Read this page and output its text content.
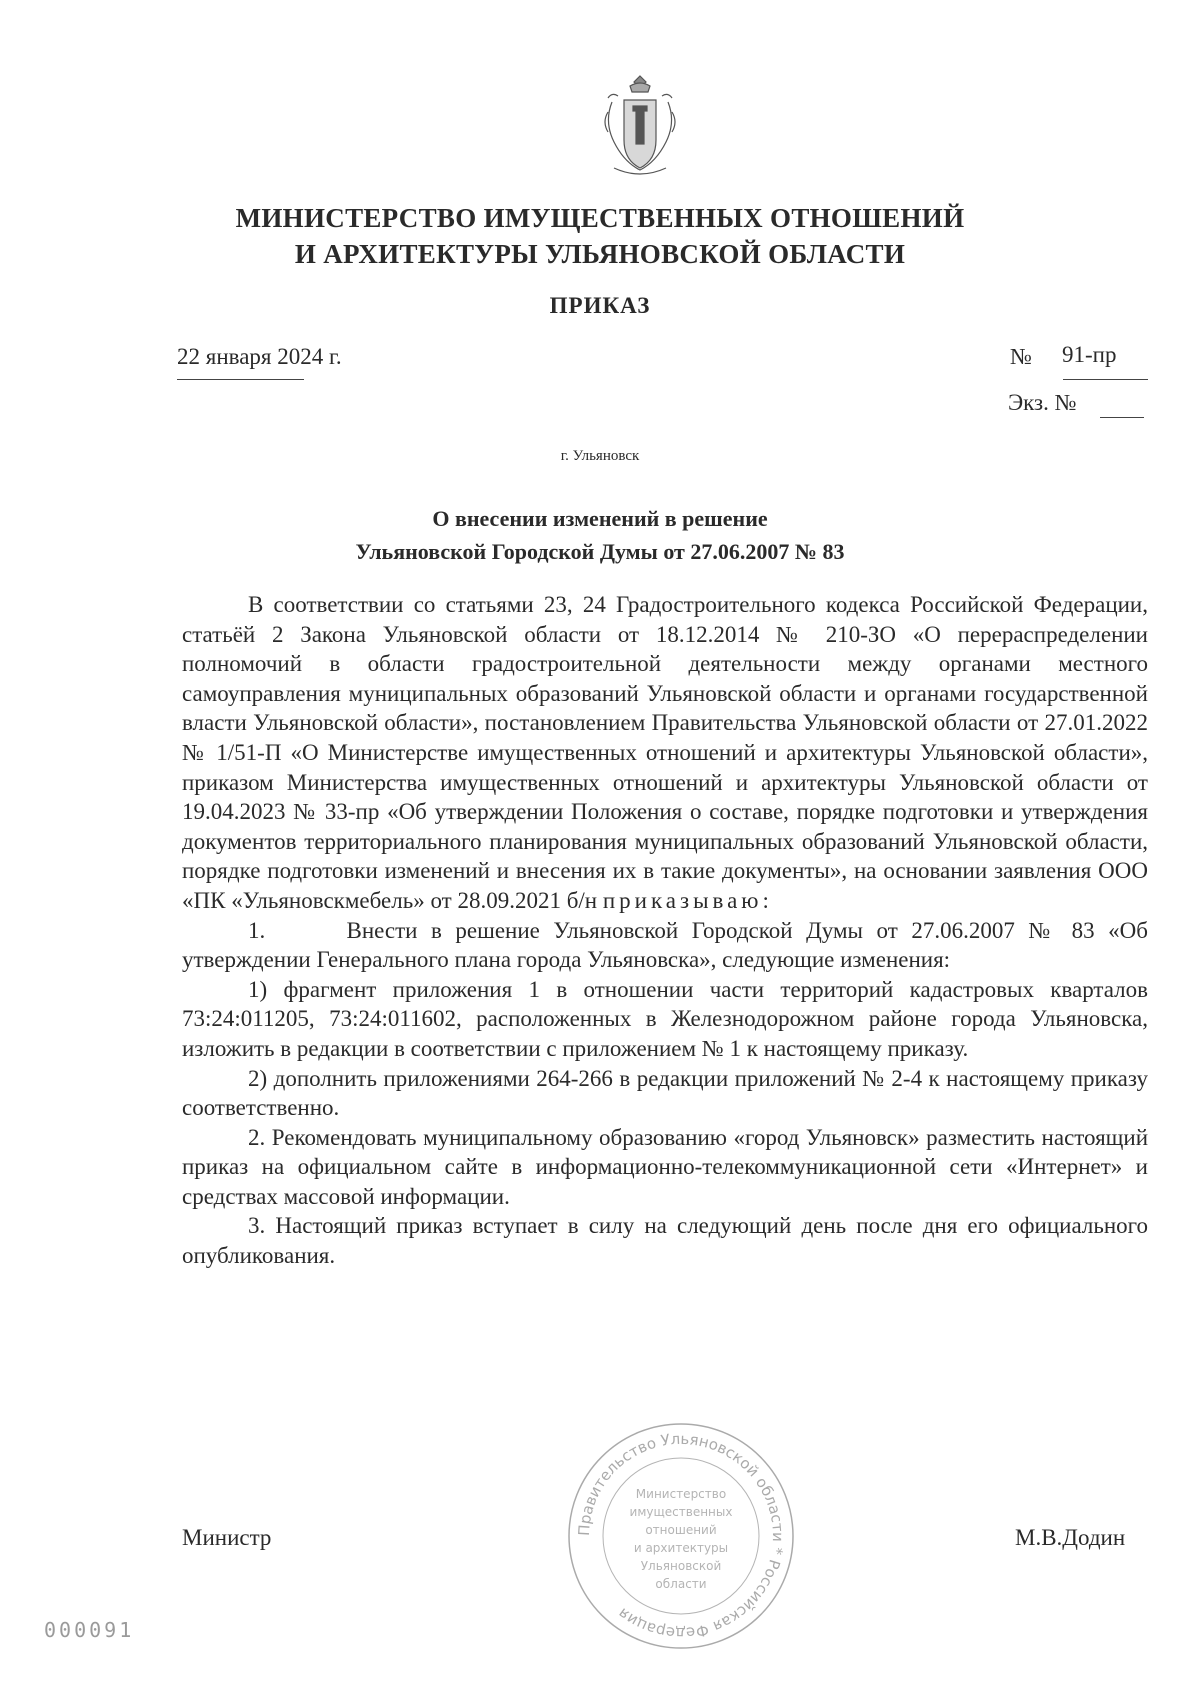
МИНИСТЕРСТВО ИМУЩЕСТВЕННЫХ ОТНОШЕНИЙ
И АРХИТЕКТУРЫ УЛЬЯНОВСКОЙ ОБЛАСТИ
ПРИКАЗ
22 января 2024 г.	№ 91-пр
Экз. №
г. Ульяновск
О внесении изменений в решение
Ульяновской Городской Думы от 27.06.2007 № 83

В соответствии со статьями 23, 24 Градостроительного кодекса Российской Федерации, статьёй 2 Закона Ульяновской области от 18.12.2014 № 210-ЗО «О перераспределении полномочий в области градостроительной деятельности между органами местного самоуправления муниципальных образований Ульяновской области и органами государственной власти Ульяновской области», постановлением Правительства Ульяновской области от 27.01.2022 № 1/51-П «О Министерстве имущественных отношений и архитектуры Ульяновской области», приказом Министерства имущественных отношений и архитектуры Ульяновской области от 19.04.2023 № 33-пр «Об утверждении Положения о составе, порядке подготовки и утверждения документов территориального планирования муниципальных образований Ульяновской области, порядке подготовки изменений и внесения их в такие документы», на основании заявления ООО «ПК «Ульяновскмебель» от 28.09.2021 б/н приказываю:

1.      Внести в решение Ульяновской Городской Думы от 27.06.2007 № 83 «Об утверждении Генерального плана города Ульяновска», следующие изменения:

1) фрагмент приложения 1 в отношении части территорий кадастровых кварталов 73:24:011205, 73:24:011602, расположенных в Железнодорожном районе города Ульяновска, изложить в редакции в соответствии с приложением № 1 к настоящему приказу.

2) дополнить приложениями 264-266 в редакции приложений № 2-4 к настоящему приказу соответственно.

2. Рекомендовать муниципальному образованию «город Ульяновск» разместить настоящий приказ на официальном сайте в информационно-телекоммуникационной сети «Интернет» и средствах массовой информации.

3. Настоящий приказ вступает в силу на следующий день после дня его официального опубликования.

Правительство Ульяновской области * Российская Федерация
Министерство
имущественных
отношений
и архитектуры
Ульяновской
области
Министр	М.В.Додин
000091
